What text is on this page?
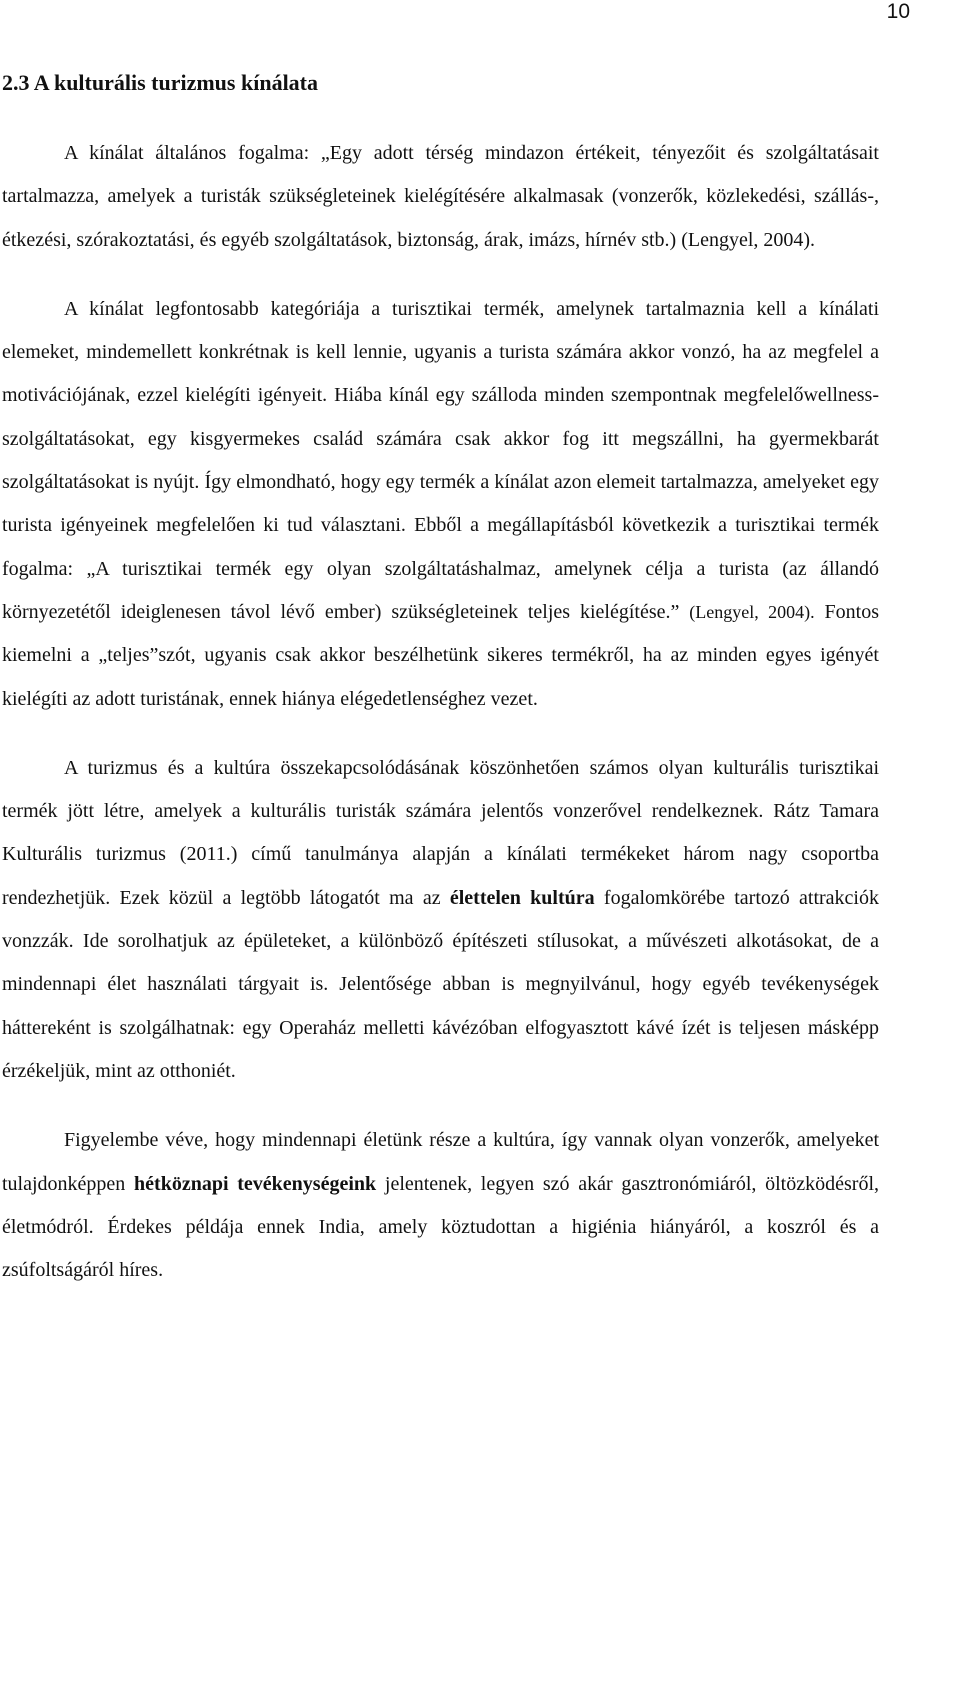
10
2.3 A kulturális turizmus kínálata

A kínálat általános fogalma: „Egy adott térség mindazon értékeit, tényezőit és szolgáltatásait tartalmazza, amelyek a turisták szükségleteinek kielégítésére alkalmasak (vonzerők, közlekedési, szállás-, étkezési, szórakoztatási, és egyéb szolgáltatások, biztonság, árak, imázs, hírnév stb.) (Lengyel, 2004).

A kínálat legfontosabb kategóriája a turisztikai termék, amelynek tartalmaznia kell a kínálati elemeket, mindemellett konkrétnak is kell lennie, ugyanis a turista számára akkor vonzó, ha az megfelel a motivációjának, ezzel kielégíti igényeit. Hiába kínál egy szálloda minden szempontnak megfelelőwellness-szolgáltatásokat, egy kisgyermekes család számára csak akkor fog itt megszállni, ha gyermekbarát szolgáltatásokat is nyújt. Így elmondható, hogy egy termék a kínálat azon elemeit tartalmazza, amelyeket egy turista igényeinek megfelelően ki tud választani. Ebből a megállapításból következik a turisztikai termék fogalma: „A turisztikai termék egy olyan szolgáltatáshalmaz, amelynek célja a turista (az állandó környezetétől ideiglenesen távol lévő ember) szükségleteinek teljes kielégítése.” (Lengyel, 2004). Fontos kiemelni a „teljes”szót, ugyanis csak akkor beszélhetünk sikeres termékről, ha az minden egyes igényét kielégíti az adott turistának, ennek hiánya elégedetlenséghez vezet.

A turizmus és a kultúra összekapcsolódásának köszönhetően számos olyan kulturális turisztikai termék jött létre, amelyek a kulturális turisták számára jelentős vonzerővel rendelkeznek. Rátz Tamara Kulturális turizmus (2011.) című tanulmánya alapján a kínálati termékeket három nagy csoportba rendezhetjük. Ezek közül a legtöbb látogatót ma az élettelen kultúra fogalomkörébe tartozó attrakciók vonzzák. Ide sorolhatjuk az épületeket, a különböző építészeti stílusokat, a művészeti alkotásokat, de a mindennapi élet használati tárgyait is. Jelentősége abban is megnyilvánul, hogy egyéb tevékenységek háttereként is szolgálhatnak: egy Operaház melletti kávézóban elfogyasztott kávé ízét is teljesen másképp érzékeljük, mint az otthoniét.

Figyelembe véve, hogy mindennapi életünk része a kultúra, így vannak olyan vonzerők, amelyeket tulajdonképpen hétköznapi tevékenységeink jelentenek, legyen szó akár gasztronómiáról, öltözködésről, életmódról. Érdekes példája ennek India, amely köztudottan a higiénia hiányáról, a koszról és a zsúfoltságáról híres.
